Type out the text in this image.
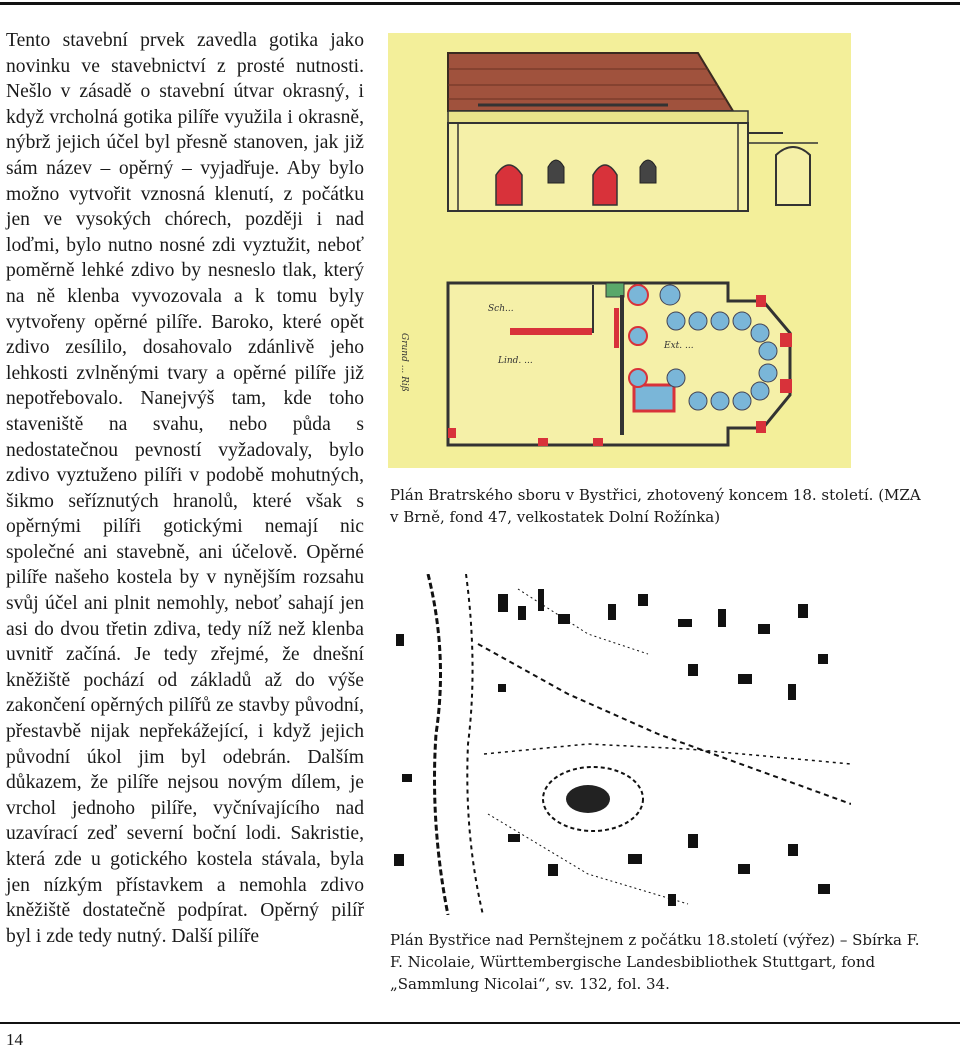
Tento stavební prvek zavedla gotika jako novinku ve stavebnictví z prosté nutnosti. Nešlo v zásadě o stavební útvar okrasný, i když vrcholná gotika pilíře využila i okrasně, nýbrž jejich účel byl přesně stanoven, jak již sám název – opěrný – vyjadřuje. Aby bylo možno vytvořit vznosná klenutí, z počátku jen ve vysokých chórech, později i nad loďmi, bylo nutno nosné zdi vyztužit, neboť poměrně lehké zdivo by nesneslo tlak, který na ně klenba vyvozovala a k tomu byly vytvořeny opěrné pilíře. Baroko, které opět zdivo zesílilo, dosahovalo zdánlivě jeho lehkosti zvlněnými tvary a opěrné pilíře již nepotřebovalo. Nanejvýš tam, kde toho staveniště na svahu, nebo půda s nedostatečnou pevností vyžadovaly, bylo zdivo vyztuženo pilíři v podobě mohutných, šikmo seříznutých hranolů, které však s opěrnými pilíři gotickými nemají nic společné ani stavebně, ani účelově. Opěrné pilíře našeho kostela by v nynějším rozsahu svůj účel ani plnit nemohly, neboť sahají jen asi do dvou třetin zdiva, tedy níž než klenba uvnitř začíná. Je tedy zřejmé, že dnešní kněžiště pochází od základů až do výše zakončení opěrných pilířů ze stavby původní, přestavbě nijak nepřekážející, i když jejich původní úkol jim byl odebrán. Dalším důkazem, že pilíře nejsou novým dílem, je vrchol jednoho pilíře, vyčnívajícího nad uzavírací zeď severní boční lodi. Sakristie, která zde u gotického kostela stávala, byla jen nízkým přístavkem a nemohla zdivo kněžiště dostatečně podpírat. Opěrný pilíř byl i zde tedy nutný. Další pilíře

Sch...
Lind. ...
Ext. ...
Grund ... Riß

Plán Bratrského sboru v Bystřici, zhotovený koncem 18. století. (MZA v Brně, fond 47, velkostatek Dolní Rožínka)

Plán Bystřice nad Pernštejnem z počátku 18.století (výřez) – Sbírka F. F. Nicolaie, Württembergische Landesbibliothek Stuttgart, fond „Sammlung Nicolai“, sv. 132, fol. 34.

14
